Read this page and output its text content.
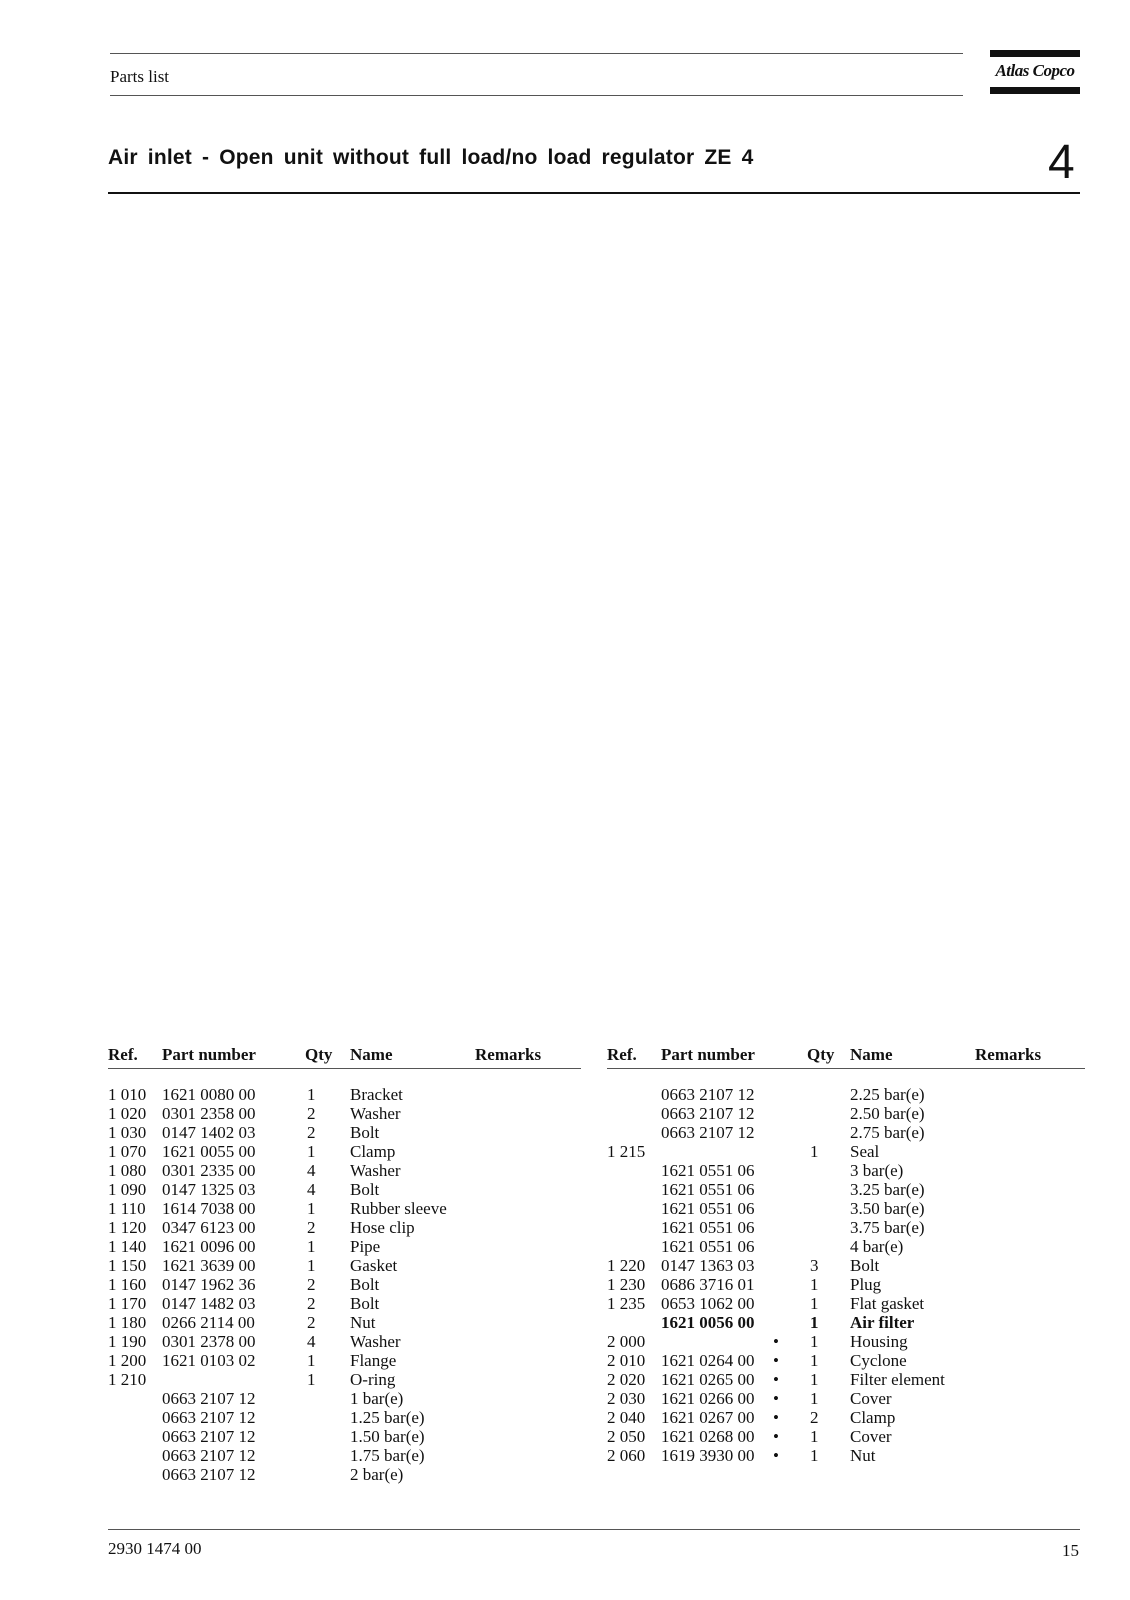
Parts list	Atlas Copco
Air inlet - Open unit without full load/no load regulator ZE 4	4
Ref. Part number	Qty Name	Remarks
1 010 1621 0080 00	1 Bracket
1 020 0301 2358 00	2 Washer
1 030 0147 1402 03	2 Bolt
1 070 1621 0055 00	1 Clamp
1 080 0301 2335 00	4 Washer
1 090 0147 1325 03	4 Bolt
1 110 1614 7038 00	1 Rubber sleeve
1 120 0347 6123 00	2 Hose clip
1 140 1621 0096 00	1 Pipe
1 150 1621 3639 00	1 Gasket
1 160 0147 1962 36	2 Bolt
1 170 0147 1482 03	2 Bolt
1 180 0266 2114 00	2 Nut
1 190 0301 2378 00	4 Washer
1 200 1621 0103 02	1 Flange
1 210	1 O-ring
0663 2107 12	1 bar(e)
0663 2107 12	1.25 bar(e)
0663 2107 12	1.50 bar(e)
0663 2107 12	1.75 bar(e)
0663 2107 12	2 bar(e)
Ref. Part number	Qty Name	Remarks
0663 2107 12	2.25 bar(e)
0663 2107 12	2.50 bar(e)
0663 2107 12	2.75 bar(e)
1 215	1 Seal
1621 0551 06	3 bar(e)
1621 0551 06	3.25 bar(e)
1621 0551 06	3.50 bar(e)
1621 0551 06	3.75 bar(e)
1621 0551 06	4 bar(e)
1 220 0147 1363 03	3 Bolt
1 230 0686 3716 01	1 Plug
1 235 0653 1062 00	1 Flat gasket
1621 0056 00	1 Air filter
2 000	• 1 Housing
2 010 1621 0264 00 • 1 Cyclone
2 020 1621 0265 00 • 1 Filter element
2 030 1621 0266 00 • 1 Cover
2 040 1621 0267 00 • 2 Clamp
2 050 1621 0268 00 • 1 Cover
2 060 1619 3930 00 • 1 Nut
2930 1474 00	15
